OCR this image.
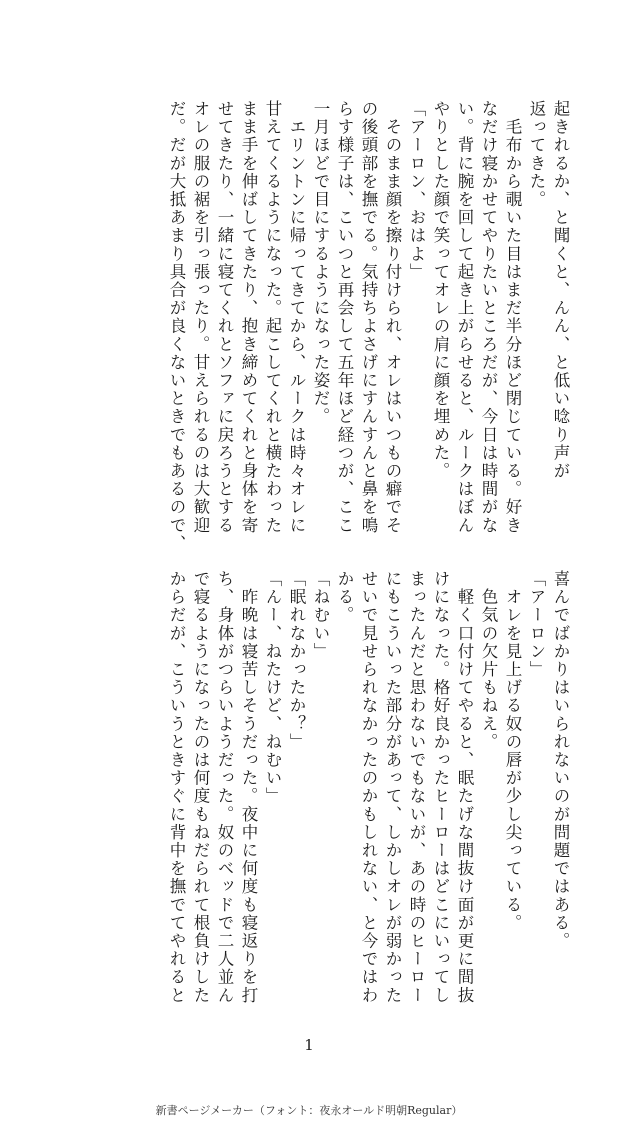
起きれるか、と聞くと、んん、と低い唸り声が
返ってきた。
　毛布から覗いた目はまだ半分ほど閉じている。好き
なだけ寝かせてやりたいところだが、今日は時間がな
い。背に腕を回して起き上がらせると、ルークはぼん
やりとした顔で笑ってオレの肩に顔を埋めた。
「アーロン、おはよ」
　そのまま顔を擦り付けられ、オレはいつもの癖でそ
の後頭部を撫でる。気持ちよさげにすんすんと鼻を鳴
らす様子は、こいつと再会して五年ほど経つが、ここ
一月ほどで目にするようになった姿だ。
　エリントンに帰ってきてから、ルークは時々オレに
甘えてくるようになった。起こしてくれと横たわった
まま手を伸ばしてきたり、抱き締めてくれと身体を寄
せてきたり、一緒に寝てくれとソファに戻ろうとする
オレの服の裾を引っ張ったり。甘えられるのは大歓迎
だ。だが大抵あまり具合が良くないときでもあるので、
喜んでばかりはいられないのが問題ではある。
「アーロン」
　オレを見上げる奴の唇が少し尖っている。
　色気の欠片もねえ。
　軽く口付けてやると、眠たげな間抜け面が更に間抜
けになった。格好良かったヒーローはどこにいってし
まったんだと思わないでもないが、あの時のヒーロー
にもこういった部分があって、しかしオレが弱かった
せいで見せられなかったのかもしれない、と今ではわ
かる。
「ねむい」
「眠れなかったか？」
「んー、ねたけど、ねむい」
　昨晩は寝苦しそうだった。夜中に何度も寝返りを打
ち、身体がつらいようだった。奴のベッドで二人並ん
で寝るようになったのは何度もねだられて根負けした
からだが、こういうときすぐに背中を撫でてやれると
1
新書ページメーカー（フォント：夜永オールド明朝Regular）
